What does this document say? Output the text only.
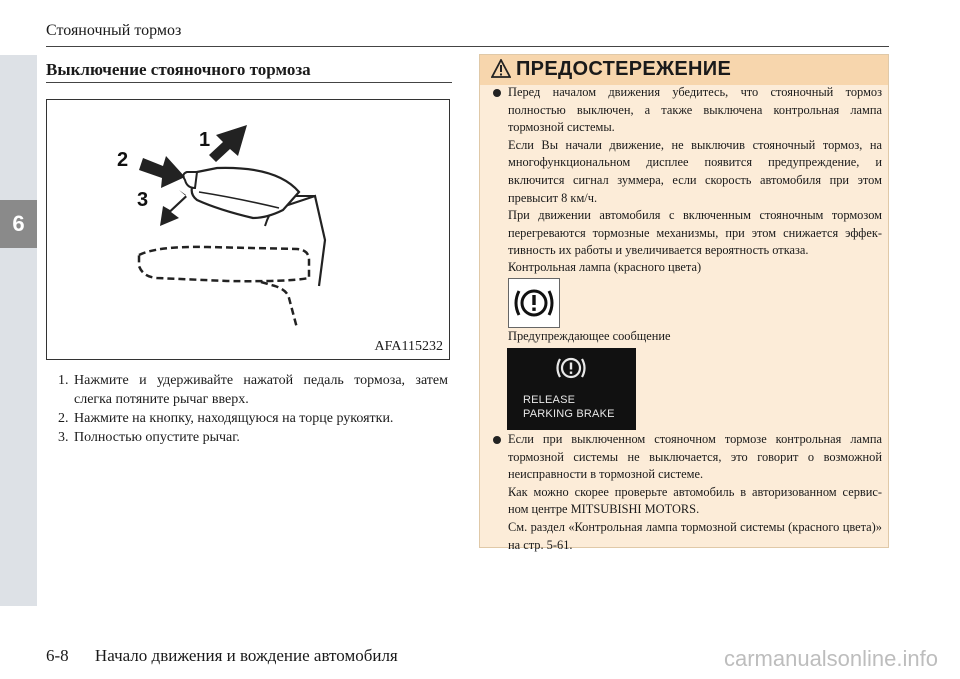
6
Стояночный тормоз
Выключение стояночного тормоза
1
2
3
AFA115232
1. Нажмите и удерживайте нажатой педаль тормоза, затем слегка потяните рычаг вверх.
2. Нажмите на кнопку, находящуюся на торце рукоятки.
3. Полностью опустите рычаг.
ПРЕДОСТЕРЕЖЕНИЕ
Перед началом движения убедитесь, что стояночный тормоз полностью выключен, а также выключена контрольная лампа тормозной системы.
Если Вы начали движение, не выключив стояночный тормоз, на многофункциональном дисплее появится предупреждение, и включится сигнал зуммера, если скорость автомобиля при этом превысит 8 км/ч.
При движении автомобиля с включенным стояночным тормозом перегреваются тормозные механизмы, при этом снижается эффек-тивность их работы и увеличивается вероятность отказа.
Контрольная лампа (красного цвета)
Предупреждающее сообщение
RELEASE
PARKING BRAKE
Если при выключенном стояночном тормозе контрольная лампа тормозной системы не выключается, это говорит о возможной неисправности в тормозной системе.
Как можно скорее проверьте автомобиль в авторизованном сервис-ном центре MITSUBISHI MOTORS.
См. раздел «Контрольная лампа тормозной системы (красного цвета)» на стр. 5-61.
6-8 Начало движения и вождение автомобиля	carmanualsonline.info
